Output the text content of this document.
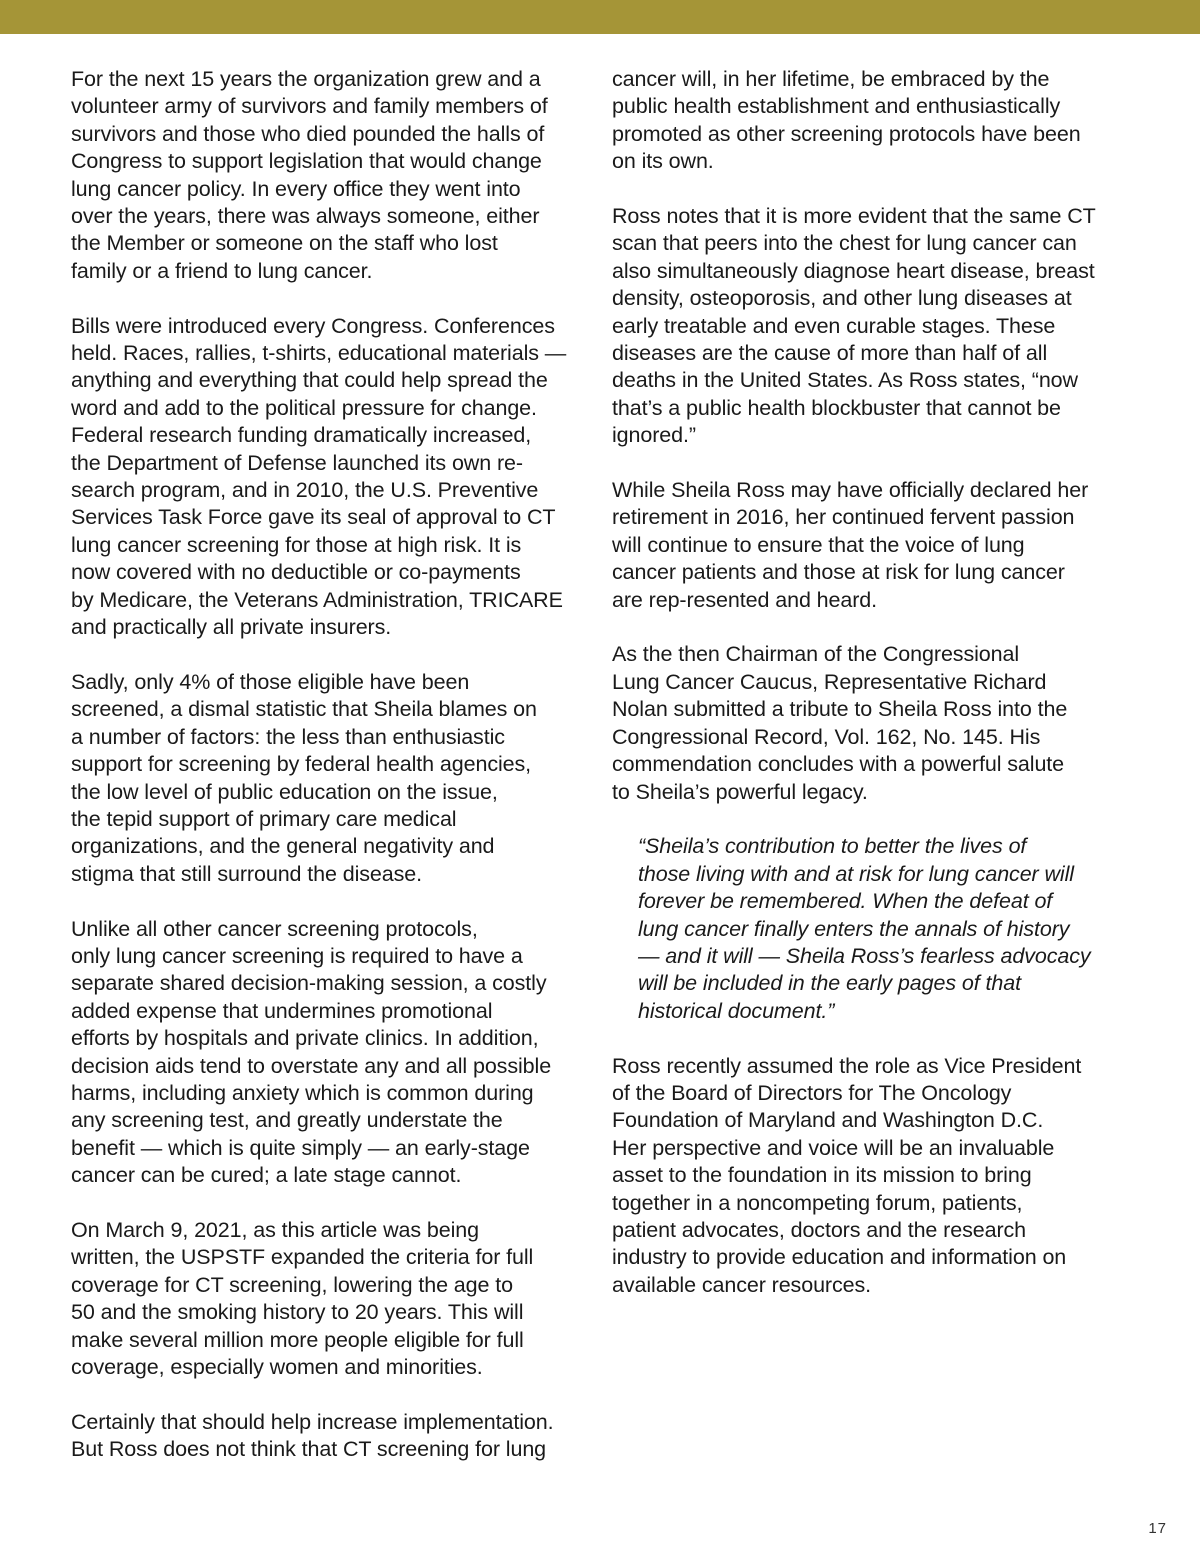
For the next 15 years the organization grew and a
volunteer army of survivors and family members of
survivors and those who died pounded the halls of
Congress to support legislation that would change
lung cancer policy. In every office they went into
over the years, there was always someone, either
the Member or someone on the staff who lost
family or a friend to lung cancer.

Bills were introduced every Congress. Conferences
held. Races, rallies, t-shirts, educational materials —
anything and everything that could help spread the
word and add to the political pressure for change.
Federal research funding dramatically increased,
the Department of Defense launched its own re-
search program, and in 2010, the U.S. Preventive
Services Task Force gave its seal of approval to CT
lung cancer screening for those at high risk. It is
now covered with no deductible or co-payments
by Medicare, the Veterans Administration, TRICARE
and practically all private insurers.

Sadly, only 4% of those eligible have been
screened, a dismal statistic that Sheila blames on
a number of factors: the less than enthusiastic
support for screening by federal health agencies,
the low level of public education on the issue,
the tepid support of primary care medical
organizations, and the general negativity and
stigma that still surround the disease.

Unlike all other cancer screening protocols,
only lung cancer screening is required to have a
separate shared decision-making session, a costly
added expense that undermines promotional
efforts by hospitals and private clinics. In addition,
decision aids tend to overstate any and all possible
harms, including anxiety which is common during
any screening test, and greatly understate the
benefit — which is quite simply — an early-stage
cancer can be cured; a late stage cannot.

On March 9, 2021, as this article was being
written, the USPSTF expanded the criteria for full
coverage for CT screening, lowering the age to
50 and the smoking history to 20 years. This will
make several million more people eligible for full
coverage, especially women and minorities.

Certainly that should help increase implementation.
But Ross does not think that CT screening for lung

cancer will, in her lifetime, be embraced by the
public health establishment and enthusiastically
promoted as other screening protocols have been
on its own.

Ross notes that it is more evident that the same CT
scan that peers into the chest for lung cancer can
also simultaneously diagnose heart disease, breast
density, osteoporosis, and other lung diseases at
early treatable and even curable stages. These
diseases are the cause of more than half of all
deaths in the United States. As Ross states, “now
that’s a public health blockbuster that cannot be
ignored.”

While Sheila Ross may have officially declared her
retirement in 2016, her continued fervent passion
will continue to ensure that the voice of lung
cancer patients and those at risk for lung cancer
are rep-resented and heard.

As the then Chairman of the Congressional
Lung Cancer Caucus, Representative Richard
Nolan submitted a tribute to Sheila Ross into the
Congressional Record, Vol. 162, No. 145. His
commendation concludes with a powerful salute
to Sheila’s powerful legacy.

“Sheila’s contribution to better the lives of
those living with and at risk for lung cancer will
forever be remembered. When the defeat of
lung cancer finally enters the annals of history
— and it will — Sheila Ross’s fearless advocacy
will be included in the early pages of that
historical document.”

Ross recently assumed the role as Vice President
of the Board of Directors for The Oncology
Foundation of Maryland and Washington D.C.
Her perspective and voice will be an invaluable
asset to the foundation in its mission to bring
together in a noncompeting forum, patients,
patient advocates, doctors and the research
industry to provide education and information on
available cancer resources.

17
